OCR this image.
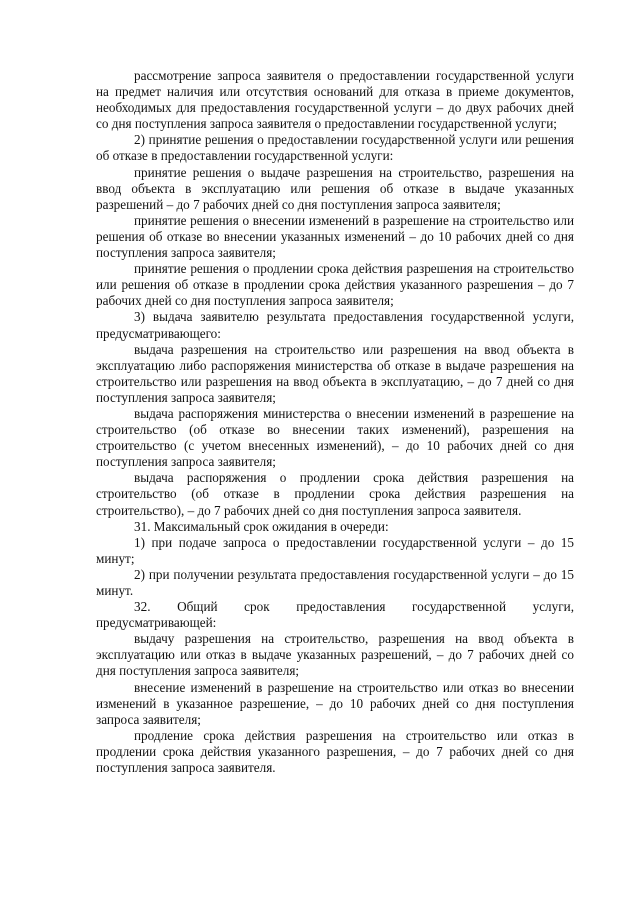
рассмотрение запроса заявителя о предоставлении государственной услуги на предмет наличия или отсутствия оснований для отказа в приеме документов, необходимых для предоставления государственной услуги – до двух рабочих дней со дня поступления запроса заявителя о предоставлении государственной услуги;

2) принятие решения о предоставлении государственной услуги или решения об отказе в предоставлении государственной услуги:

принятие решения о выдаче разрешения на строительство, разрешения на ввод объекта в эксплуатацию или решения об отказе в выдаче указанных разрешений – до 7 рабочих дней со дня поступления запроса заявителя;

принятие решения о внесении изменений в разрешение на строительство или решения об отказе во внесении указанных изменений – до 10 рабочих дней со дня поступления запроса заявителя;

принятие решения о продлении срока действия разрешения на строительство или решения об отказе в продлении срока действия указанного разрешения – до 7 рабочих дней со дня поступления запроса заявителя;

3) выдача заявителю результата предоставления государственной услуги, предусматривающего:

выдача разрешения на строительство или разрешения на ввод объекта в эксплуатацию либо распоряжения министерства об отказе в выдаче разрешения на строительство или разрешения на ввод объекта в эксплуатацию, – до 7 дней со дня поступления запроса заявителя;

выдача распоряжения министерства о внесении изменений в разрешение на строительство (об отказе во внесении таких изменений), разрешения на строительство (с учетом внесенных изменений), – до 10 рабочих дней со дня поступления запроса заявителя;

выдача распоряжения о продлении срока действия разрешения на строительство (об отказе в продлении срока действия разрешения на строительство), – до 7 рабочих дней со дня поступления запроса заявителя.

31. Максимальный срок ожидания в очереди:

1) при подаче запроса о предоставлении государственной услуги – до 15 минут;

2) при получении результата предоставления государственной услуги – до 15 минут.

32. Общий срок предоставления государственной услуги, предусматривающей:

выдачу разрешения на строительство, разрешения на ввод объекта в эксплуатацию или отказ в выдаче указанных разрешений, – до 7 рабочих дней со дня поступления запроса заявителя;

внесение изменений в разрешение на строительство или отказ во внесении изменений в указанное разрешение, – до 10 рабочих дней со дня поступления запроса заявителя;

продление срока действия разрешения на строительство или отказ в продлении срока действия указанного разрешения, – до 7 рабочих дней со дня поступления запроса заявителя.
